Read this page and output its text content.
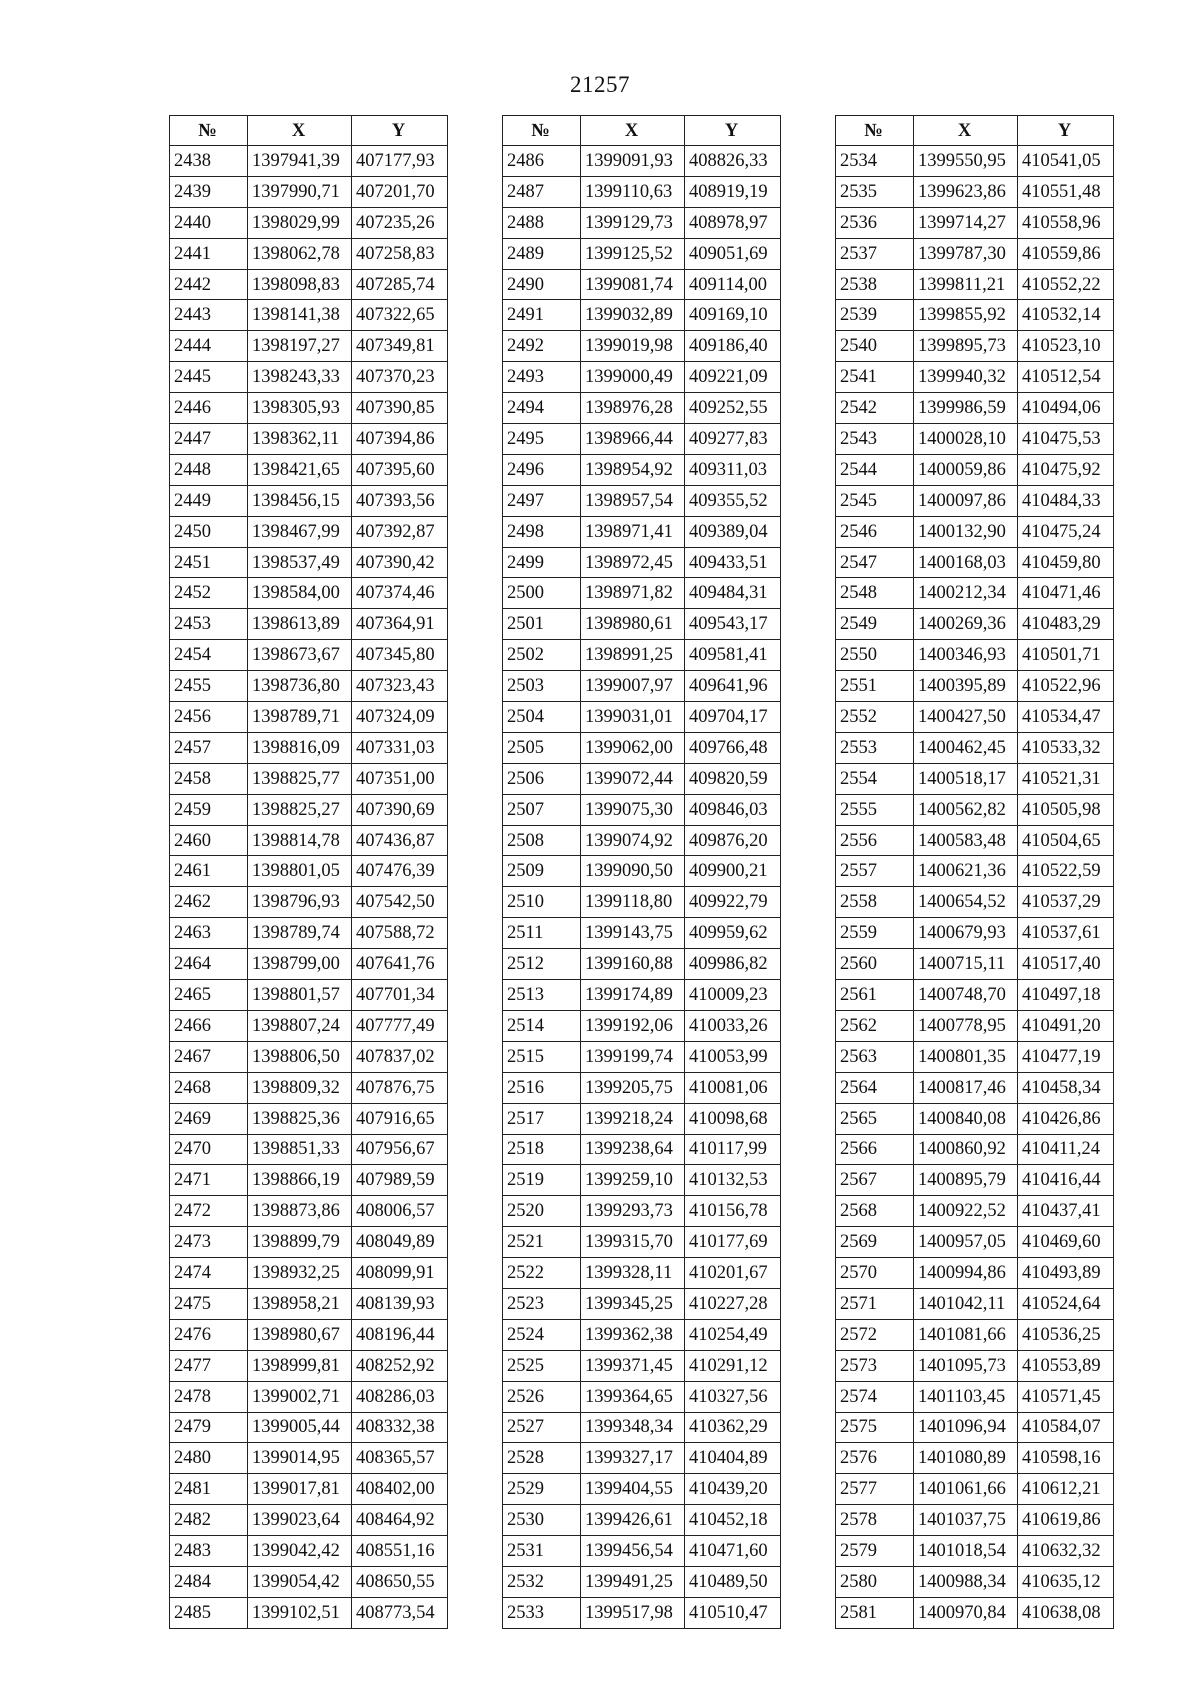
21257
№	X	Y
2438	1397941,39	407177,93
2439	1397990,71	407201,70
2440	1398029,99	407235,26
2441	1398062,78	407258,83
2442	1398098,83	407285,74
2443	1398141,38	407322,65
2444	1398197,27	407349,81
2445	1398243,33	407370,23
2446	1398305,93	407390,85
2447	1398362,11	407394,86
2448	1398421,65	407395,60
2449	1398456,15	407393,56
2450	1398467,99	407392,87
2451	1398537,49	407390,42
2452	1398584,00	407374,46
2453	1398613,89	407364,91
2454	1398673,67	407345,80
2455	1398736,80	407323,43
2456	1398789,71	407324,09
2457	1398816,09	407331,03
2458	1398825,77	407351,00
2459	1398825,27	407390,69
2460	1398814,78	407436,87
2461	1398801,05	407476,39
2462	1398796,93	407542,50
2463	1398789,74	407588,72
2464	1398799,00	407641,76
2465	1398801,57	407701,34
2466	1398807,24	407777,49
2467	1398806,50	407837,02
2468	1398809,32	407876,75
2469	1398825,36	407916,65
2470	1398851,33	407956,67
2471	1398866,19	407989,59
2472	1398873,86	408006,57
2473	1398899,79	408049,89
2474	1398932,25	408099,91
2475	1398958,21	408139,93
2476	1398980,67	408196,44
2477	1398999,81	408252,92
2478	1399002,71	408286,03
2479	1399005,44	408332,38
2480	1399014,95	408365,57
2481	1399017,81	408402,00
2482	1399023,64	408464,92
2483	1399042,42	408551,16
2484	1399054,42	408650,55
2485	1399102,51	408773,54
№	X	Y
2486	1399091,93	408826,33
2487	1399110,63	408919,19
2488	1399129,73	408978,97
2489	1399125,52	409051,69
2490	1399081,74	409114,00
2491	1399032,89	409169,10
2492	1399019,98	409186,40
2493	1399000,49	409221,09
2494	1398976,28	409252,55
2495	1398966,44	409277,83
2496	1398954,92	409311,03
2497	1398957,54	409355,52
2498	1398971,41	409389,04
2499	1398972,45	409433,51
2500	1398971,82	409484,31
2501	1398980,61	409543,17
2502	1398991,25	409581,41
2503	1399007,97	409641,96
2504	1399031,01	409704,17
2505	1399062,00	409766,48
2506	1399072,44	409820,59
2507	1399075,30	409846,03
2508	1399074,92	409876,20
2509	1399090,50	409900,21
2510	1399118,80	409922,79
2511	1399143,75	409959,62
2512	1399160,88	409986,82
2513	1399174,89	410009,23
2514	1399192,06	410033,26
2515	1399199,74	410053,99
2516	1399205,75	410081,06
2517	1399218,24	410098,68
2518	1399238,64	410117,99
2519	1399259,10	410132,53
2520	1399293,73	410156,78
2521	1399315,70	410177,69
2522	1399328,11	410201,67
2523	1399345,25	410227,28
2524	1399362,38	410254,49
2525	1399371,45	410291,12
2526	1399364,65	410327,56
2527	1399348,34	410362,29
2528	1399327,17	410404,89
2529	1399404,55	410439,20
2530	1399426,61	410452,18
2531	1399456,54	410471,60
2532	1399491,25	410489,50
2533	1399517,98	410510,47
№	X	Y
2534	1399550,95	410541,05
2535	1399623,86	410551,48
2536	1399714,27	410558,96
2537	1399787,30	410559,86
2538	1399811,21	410552,22
2539	1399855,92	410532,14
2540	1399895,73	410523,10
2541	1399940,32	410512,54
2542	1399986,59	410494,06
2543	1400028,10	410475,53
2544	1400059,86	410475,92
2545	1400097,86	410484,33
2546	1400132,90	410475,24
2547	1400168,03	410459,80
2548	1400212,34	410471,46
2549	1400269,36	410483,29
2550	1400346,93	410501,71
2551	1400395,89	410522,96
2552	1400427,50	410534,47
2553	1400462,45	410533,32
2554	1400518,17	410521,31
2555	1400562,82	410505,98
2556	1400583,48	410504,65
2557	1400621,36	410522,59
2558	1400654,52	410537,29
2559	1400679,93	410537,61
2560	1400715,11	410517,40
2561	1400748,70	410497,18
2562	1400778,95	410491,20
2563	1400801,35	410477,19
2564	1400817,46	410458,34
2565	1400840,08	410426,86
2566	1400860,92	410411,24
2567	1400895,79	410416,44
2568	1400922,52	410437,41
2569	1400957,05	410469,60
2570	1400994,86	410493,89
2571	1401042,11	410524,64
2572	1401081,66	410536,25
2573	1401095,73	410553,89
2574	1401103,45	410571,45
2575	1401096,94	410584,07
2576	1401080,89	410598,16
2577	1401061,66	410612,21
2578	1401037,75	410619,86
2579	1401018,54	410632,32
2580	1400988,34	410635,12
2581	1400970,84	410638,08
